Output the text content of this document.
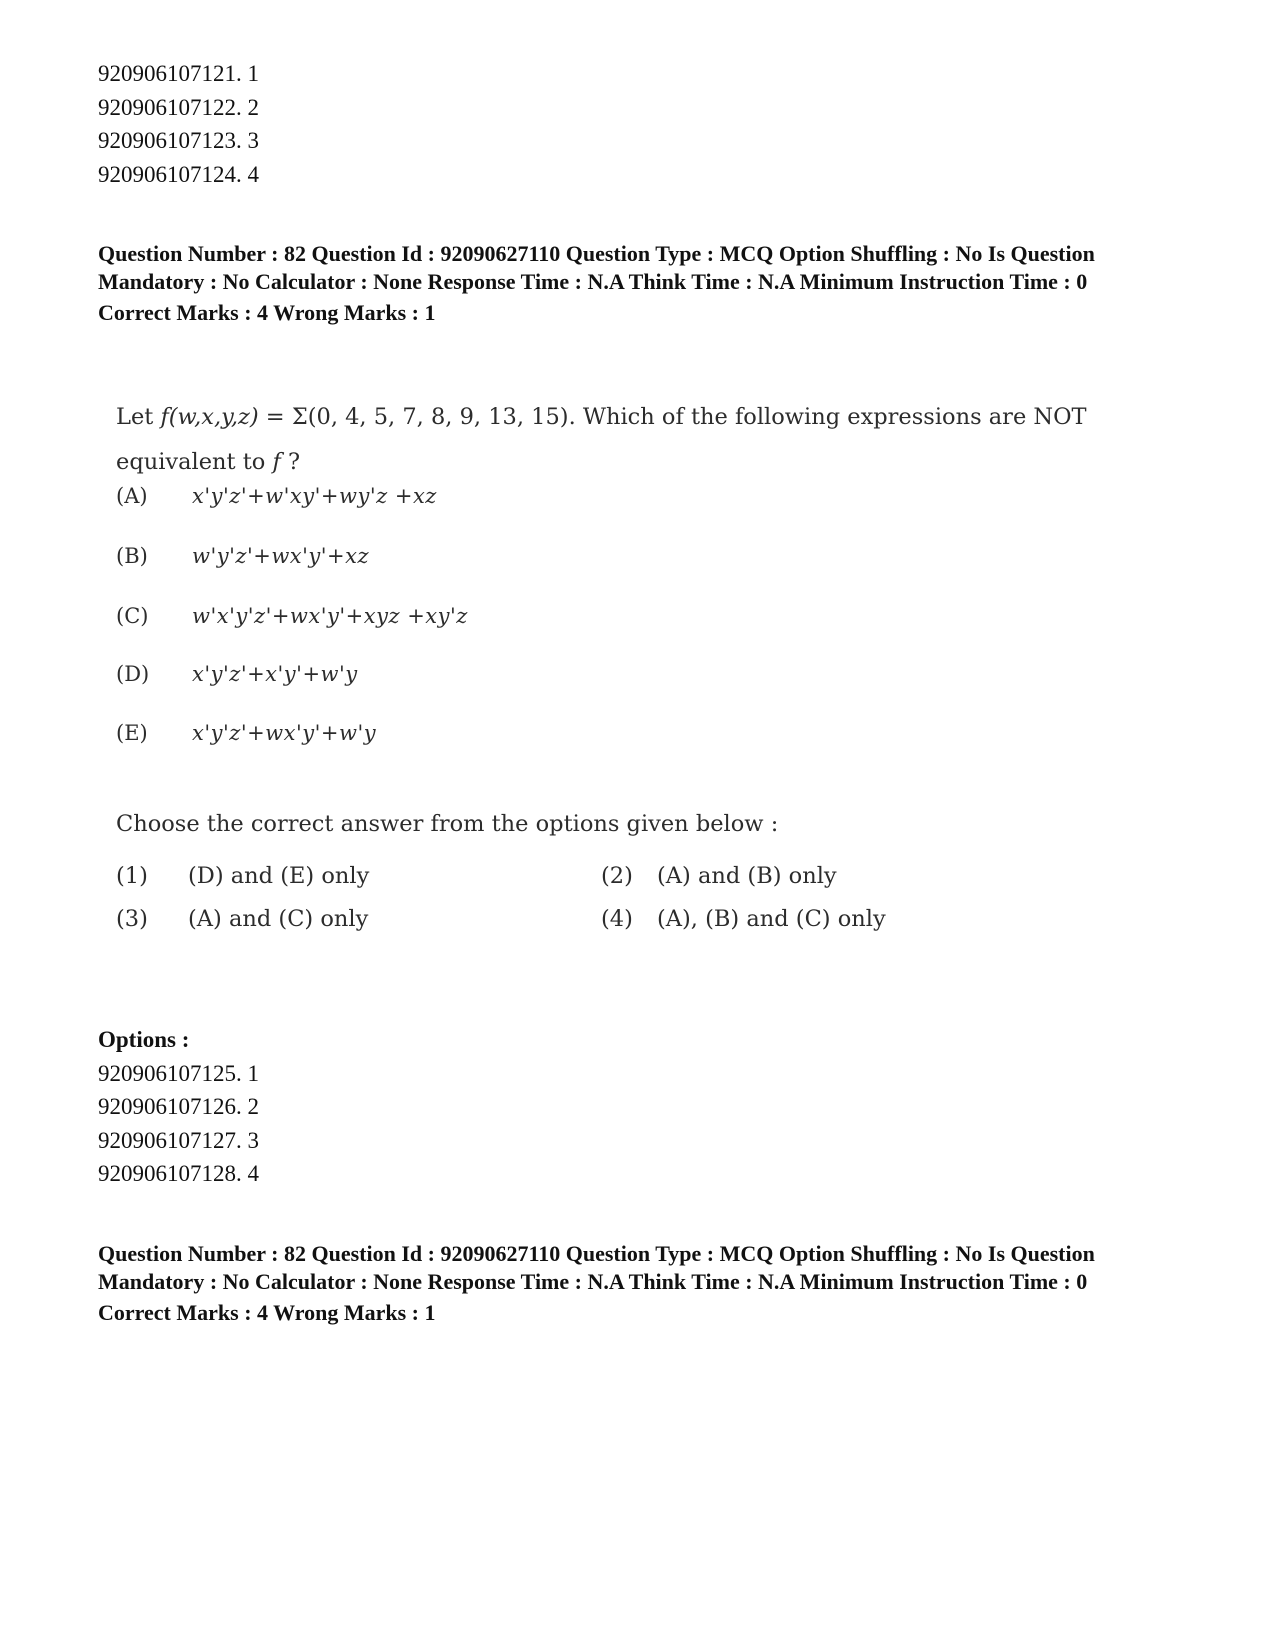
920906107121. 1
920906107122. 2
920906107123. 3
920906107124. 4
Question Number : 82 Question Id : 92090627110 Question Type : MCQ Option Shuffling : No Is Question Mandatory : No Calculator : None Response Time : N.A Think Time : N.A Minimum Instruction Time : 0
Correct Marks : 4 Wrong Marks : 1
Let f(w,x,y,z) = Σ(0, 4, 5, 7, 8, 9, 13, 15). Which of the following expressions are NOT
equivalent to f ?
(A) x'y'z'+w'xy'+wy'z +xz
(B) w'y'z'+wx'y'+xz
(C) w'x'y'z'+wx'y'+xyz +xy'z
(D) x'y'z'+x'y'+w'y
(E) x'y'z'+wx'y'+w'y
Choose the correct answer from the options given below :
(1) (D) and (E) only	(2) (A) and (B) only
(3) (A) and (C) only	(4) (A), (B) and (C) only
Options :
920906107125. 1
920906107126. 2
920906107127. 3
920906107128. 4
Question Number : 82 Question Id : 92090627110 Question Type : MCQ Option Shuffling : No Is Question Mandatory : No Calculator : None Response Time : N.A Think Time : N.A Minimum Instruction Time : 0
Correct Marks : 4 Wrong Marks : 1
